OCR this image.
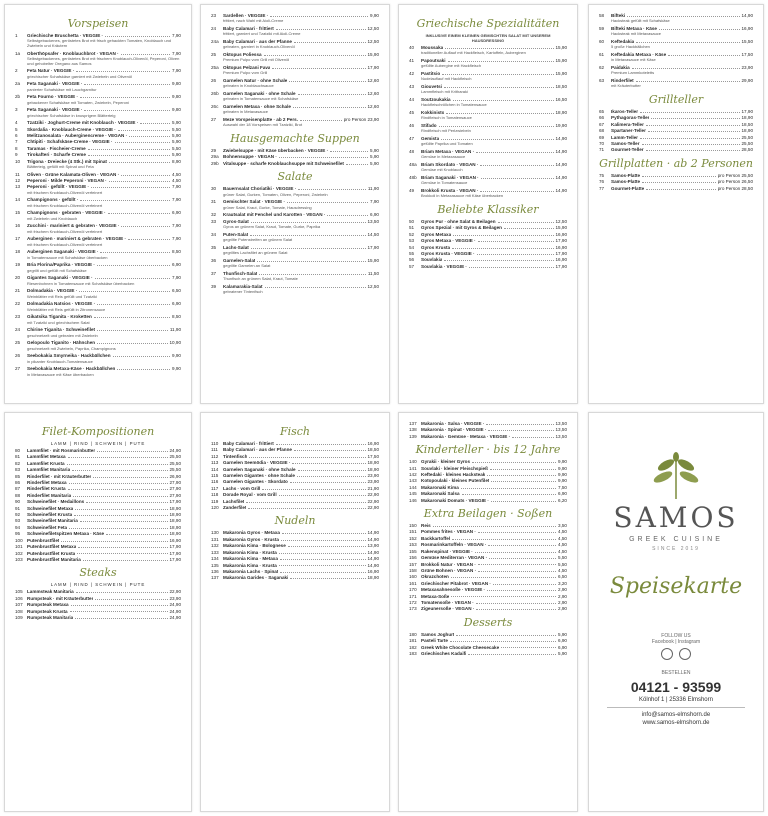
Vorspeisen
1	Griechische Bruschetta · VEGGIE ·	7,90
Selbstgebackenes, geröstetes Brot mit frisch gehackten Tomaten, Knoblauch und Zwiebeln und Kräutern
1a	Oberthöpsafer · Knoblauchbrot · VEGAN ·	7,90
Selbstgebackenes, geröstetes Brot mit frischem Knoblauch-Olivenöl, Peperoni, Oliven und gehobelter Oregano aus Samos
2	Feta Natur · VEGGIE ·	7,90
griechischer Schafskäse garniert mit Zwiebeln und Olivenöl
2a	Feta Saganaki · VEGGIE ·	9,80
panierter Schafskäse mit Lauchgarnitur
2b	Feta Fourno · VEGGIE ·	9,80
gebackener Schafskäse mit Tomaten, Zwiebeln, Peperoni
3	Feta Saganaki · VEGGIE ·	9,80
griechischer Schafskäse in knusprigem Blätterteig
4	Tzatziki · Joghurt-Creme mit Knoblauch · VEGGIE ·	5,90
5	Skordalia · Knoblauch-Creme · VEGGIE ·	5,50
6	Melitzanosalata · Auberginencreme · VEGAN ·	5,90
7	Chtipiti · Schafskäse-Creme · VEGGIE ·	5,90
8	Taramas · Fischeier-Creme	5,50
9	Tirokafteri · Scharfe Creme	5,90
10	Trigona · Dreiecke (4 Stk.) mit Spinat	8,90
Blätterteig, gefüllt mit Spinat und Feta
11	Oliven · Grüne Kalamata-Oliven · VEGAN ·	4,50
12	Peperoni · Milde Peperoni · VEGAN ·	4,50
13	Peperoni · gefüllt · VEGGIE ·	7,90
mit frischem Knoblauch-Olivenöl verfeinert
14	Champignons · gefüllt ·	7,90
mit frischem Knoblauch-Olivenöl verfeinert
15	Champignons · gebraten · VEGGIE ·	6,90
mit Zwiebeln und Knoblauch
16	Zucchini · mariniert & gebraten · VEGGIE ·	7,90
mit frischem Knoblauch-Olivenöl verfeinert
17	Auberginen · mariniert & gebraten · VEGGIE ·	7,90
mit frischem Knoblauch-Olivenöl verfeinert
18	Auberginen Saganaki · VEGGIE ·	8,50
in Tomatensauce mit Schafskäse überbacken
19	Bria Florina/Paprika · VEGGIE ·	6,90
gegrillt und gefüllt mit Schafskäse
20	Gigantes Saganaki · VEGGIE ·	7,90
Riesenbohnen in Tomatensauce mit Schafskäse überbacken
21	Dolmadakia · VEGGIE ·	6,50
Weinblätter mit Reis gefüllt und Tzatziki
22	Dolmadakia Natsios · VEGGIE ·	6,90
Weinblätter mit Reis gefüllt in Zitronensauce
23	Gikatsika Tiganita · Kroketten	8,50
mit Tzatziki und griechischem Salat
24	Chirine Tiganita · Schweinefilet	11,90
geschnetzelt und gebraten mit Zwiebeln
25	Gelopoulo Tiganito · Hähnchen	10,90
geschnetzelt mit Zwiebeln, Paprika, Champignons
26	Seebokakia Smyrneika · Hackbällchen	9,90
in pikanter Knoblauch-Tomatensauce
27	Seebokakia Metaxa-Käse · Hackbällchen	9,90
in Metaxasauce mit Käse überbacken
23	Sardellen · VEGGIE ·	9,90
frittiert, nach Wahl mit Aioli-Creme
24	Baby Calamari · frittiert	12,50
frittiert, garniert und Tzatziki mit Aioli-Creme
24a Baby Calamari · aus der Pfanne	12,50
gebraten, garniert in Knoblauch-Olivenöl
25	Oktopus Poliessa	15,90
Premium Pulpo vom Grill mit Olivenöl
25a Oktopus Pelzani Fava	17,90
Premium Pulpo vom Grill
26	Garnelen Natur · ohne Schale	12,60
gebraten in Knoblauchsauce
26b Garnelen Saganaki · ohne Schale	12,60
gebraten in Tomatensauce mit Schafskäse
26c Garnelen Metaxa · ohne Schale	12,60
gebraten in Metaxasauce
27	Meze Vorspeisenplatte · ab 2 Pers.	pro Person 23,90
Auswahl der 18 Vorspeisen mit Tzatziki, Brot
Hausgemachte Suppen
29	Zwiebelsuppe · mit Käse überbacken · VEGGIE ·	5,90
29a Bohnensuppe · VEGAN ·	5,90
29b Vitalsuppe · scharfe Knoblauchsuppe mit Schweinefilet	5,90
Salate
30	Bauernsalat Choriatiki · VEGGIE ·	11,90
grüner Salat, Gurken, Tomaten, Oliven, Peperoni, Zwiebeln
31	Gemischter Salat · VEGGIE ·	7,90
grüner Salat, Kraut, Gurke, Tomate, Hausdressing
32	Krautsalat mit Fenchel und Karotten · VEGAN ·	6,90
33	Gyros-Salat	13,50
Gyros an grünem Salat, Kraut, Tomate, Gurke, Paprika
34	Puten-Salat	14,50
gegrillte Putenstreifen an grünem Salat
35	Lachs-Salat	17,90
gegrilltes Lachsfilet an grünem Salat
36	Garnelen-Salat	15,90
gegrillte Garnelen an Salat
37	Thunfisch-Salat	11,50
Thunfisch an grünem Salat, Kraut, Tomate
39	Kalamarakia-Salat	12,50
gebratener Tintenfisch
Griechische Spezialitäten
INKLUSIVE EINEM KLEINEN GEMISCHTEN SALAT MIT UNSEREM HAUSDRESSING
40	Moussaka	15,90
traditioneller Auflauf mit Hackfleisch, Kartoffeln, Auberginen
41	Papoutsaki	15,90
gefüllte Aubergine mit Hackfleisch
42	Pastitsio	15,90
Nudelauflauf mit Hackfleisch
43	Giouvetsi	18,50
Lammfleisch mit Kritharaki
44	Soutzoukakia	16,50
Hackfleischröllchen in Tomatensauce
45	Kokkinisto	18,90
Rindfleisch in Tomatensauce
46	Stifado	19,90
Rindfleisch mit Perlzwiebeln
47	Gemista	14,90
gefüllte Paprika und Tomaten
48	Briam Metaxa · VEGAN ·	14,90
Gemüse in Metaxasauce
48a Briam Skordato · VEGAN ·	14,90
Gemüse mit Knoblauch
48b Briam Saganaki · VEGAN ·	14,90
Gemüse in Tomatensauce
49	Brokkoli Krusta · VEGAN ·	14,90
Brokkoli in Metaxasauce mit Käse überbacken
Beliebte Klassiker
50	Gyros Pur · ohne Salat & Beilagen	12,50
51	Gyros Spezial · mit Gyros & Beilagen	15,90
52	Gyros Metaxa	16,90
53	Gyros Metaxa · VEGGIE ·	17,90
54	Gyros Krusta	16,90
55	Gyros Krusta · VEGGIE ·	17,90
56	Souvlakia	16,90
57	Souvlakia · VEGGIE ·	17,90
58	Bifteki	14,90
Hacksteak gefüllt mit Schafskäse
59	Bifteki Metaxa · Käse	16,90
Hacksteak mit Metaxasauce
60	Keftedakia	15,50
5 große Hackbällchen
61	Keftedakia Metaxa · Käse	17,50
in Metaxasauce mit Käse
62	Paidakia	23,90
Premium Lammkoteletts
63	Rinderfilet	29,90
mit Kräuterbutter
Grillteller
65	Ikaros-Teller	17,90
66	Pythagoras-Teller	18,90
67	Kalimera-Teller	18,50
68	Spartaner-Teller	18,90
69	Lamm-Teller	25,50
70	Samos-Teller	25,50
71	Gourmet-Teller	28,50
Grillplatten · ab 2 Personen
75	Samos-Platte	pro Person 25,50
76	Samos-Platte	pro Person 26,50
77	Gourmet-Platte	pro Person 28,50
Filet-Kompositionen
LAMM | RIND | SCHWEIN | PUTE
80	Lammfilet · mit Rosmarinbutter	24,90
81	Lammfilet Metaxa	25,50
82	Lammfilet Krusta	25,50
83	Lammfilet Manitaria	25,50
85	Rinderfilet · mit Kräuterbutter	26,90
86	Rinderfilet Metaxa	27,90
87	Rinderfilet Krusta	27,90
88	Rinderfilet Manitaria	27,90
90	Schweinefilet · Medaillons	17,90
91	Schweinefilet Metaxa	18,90
92	Schweinefilet Krusta	18,90
93	Schweinefilet Manitaria	18,90
94	Schweinefilet Feta	18,90
95	Schweinefiletspitzen Metaxa · Käse	18,90
100 Putenbrustfilet	16,90
101 Putenbrustfilet Metaxa	17,90
102 Putenbrustfilet Krusta	17,90
103 Putenbrustfilet Manitaria	17,90
Steaks
LAMM | RIND | SCHWEIN | PUTE
105 Lammsteak Manitaria	22,90
106 Rumpsteak · mit Kräuterbutter	23,90
107 Rumpsteak Metaxa	24,90
108 Rumpsteak Krusta	24,90
109 Rumpsteak Manitaria	24,90
Fisch
110	Baby Calamari · frittiert	16,90
111	Baby Calamari · aus der Pfanne	18,50
112	Tintenfisch	17,50
113	Garnelen Seemödia · VEGGIE ·	18,90
114	Garnelen Saganaki · ohne Schale	18,90
115	Garnelen Gigantes · ohne Schale	23,90
116	Garnelen Gigantes · Skordato	23,90
117	Lachs · vom Grill	21,90
118	Dorade Royal · vom Grill	22,90
119	Lachsfilet	22,90
120 Zanderfilet	22,90
Nudeln
130 Makaronia Gyros · Metaxa	14,90
131 Makaronia Gyros · Krusta	14,90
132 Makaronia Kima · Bolognese	13,90
133 Makaronia Kima · Krusta	14,90
134 Makaronia Kima · Metaxa	14,90
135 Makaronia Kima · Krusta	14,90
136 Makaronia Lachs · Spinat	16,90
137 Makaronia Garides · Saganaki	18,90
137 Makaronia · Salsa · VEGGIE ·	13,50
138 Makaronia · Spinat · VEGGIE ·	13,50
139 Makaronia · Gemüse · Metaxa · VEGGIE ·	13,50
Kinderteller · bis 12 Jahre
140 Gyrakii · kleiner Gyros	9,90
141 Souvlaki · kleiner Fleischspieß	9,90
142 Keftedaki · kleines Hacksteak	9,90
143 Kotopoulaki · kleines Putenfilet	9,90
144 Makaronaki Kima	7,50
145 Makaronaki Salsa	6,90
146 Makaronaki Domats · VEGGIE ·	6,20
Extra Beilagen · Soßen
150 Reis	3,50
151 Pommes frites · VEGAN ·	4,50
152 Backkartoffel	4,50
153 Rosmarinkartoffeln · VEGAN ·	4,50
155 Rakenspinat · VEGGIE ·	4,50
156 Gemüse Mediterran · VEGAN ·	5,50
157 Brokkoli Natur · VEGAN ·	5,50
158 Grüne Bohnen · VEGAN ·	4,50
160 Okrazchoten	6,50
161 Griechischer Pitabrot · VEGAN ·	3,20
170 Metaxasahnesoße · VEGGIE ·	2,90
171 Metaxa-Soße	2,90
172 Tomatensoße · VEGAN ·	2,90
173 Zigeunersoße · VEGAN ·	2,90
Desserts
180 Samos Joghurt	5,90
181 Pasteli Tarte	6,90
182 Greek White Chocolate Cheesecake	6,90
183 Griechisches Kadaifi	5,90
SAMOS
GREEK CUISINE
SINCE 2019
Speisekarte
FOLLOW US
Facebook | Instagram
BESTELLEN
04121 - 93599
Kölnhof 1 | 25336 Elmshorn
info@samos-elmshorn.de
www.samos-elmshorn.de
